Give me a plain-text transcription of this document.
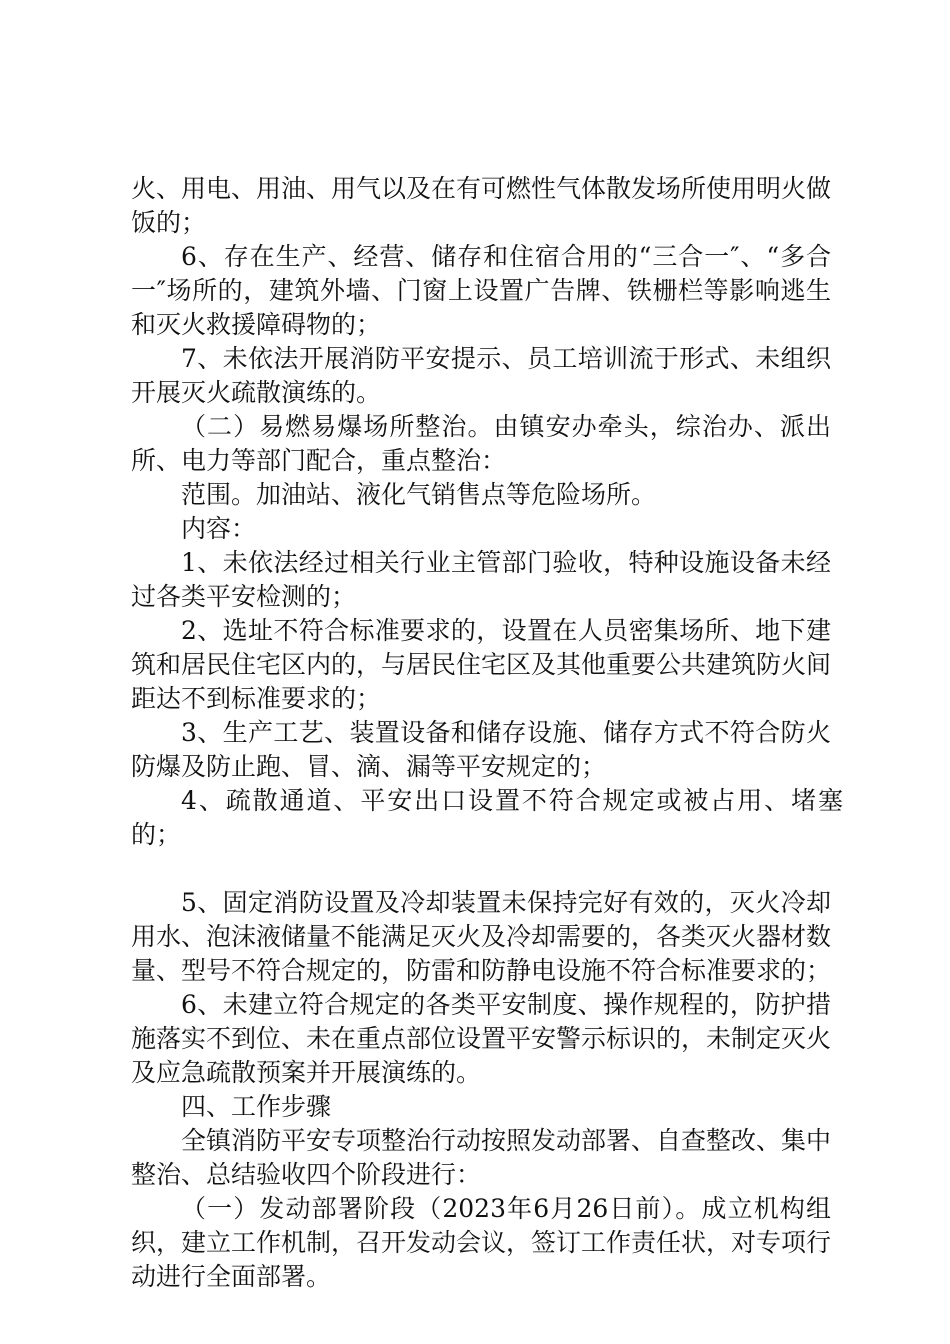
火、用电、用油、用气以及在有可燃性气体散发场所使用明火做饭的；

6、存在生产、经营、储存和住宿合用的“三合一″、“多合一″场所的，建筑外墙、门窗上设置广告牌、铁栅栏等影响逃生和灭火救援障碍物的；

7、未依法开展消防平安提示、员工培训流于形式、未组织开展灭火疏散演练的。

（二）易燃易爆场所整治。由镇安办牵头，综治办、派出所、电力等部门配合，重点整治：

范围。加油站、液化气销售点等危险场所。

内容：

1、未依法经过相关行业主管部门验收，特种设施设备未经过各类平安检测的；

2、选址不符合标准要求的，设置在人员密集场所、地下建筑和居民住宅区内的，与居民住宅区及其他重要公共建筑防火间距达不到标准要求的；

3、生产工艺、装置设备和储存设施、储存方式不符合防火防爆及防止跑、冒、滴、漏等平安规定的；

4、疏散通道、平安出口设置不符合规定或被占用、堵塞的；

5、固定消防设置及冷却装置未保持完好有效的，灭火冷却用水、泡沫液储量不能满足灭火及冷却需要的，各类灭火器材数量、型号不符合规定的，防雷和防静电设施不符合标准要求的；

6、未建立符合规定的各类平安制度、操作规程的，防护措施落实不到位、未在重点部位设置平安警示标识的，未制定灭火及应急疏散预案并开展演练的。

四、工作步骤

全镇消防平安专项整治行动按照发动部署、自查整改、集中整治、总结验收四个阶段进行：

（一）发动部署阶段（2023年6月26日前）。成立机构组织，建立工作机制，召开发动会议，签订工作责任状，对专项行动进行全面部署。
